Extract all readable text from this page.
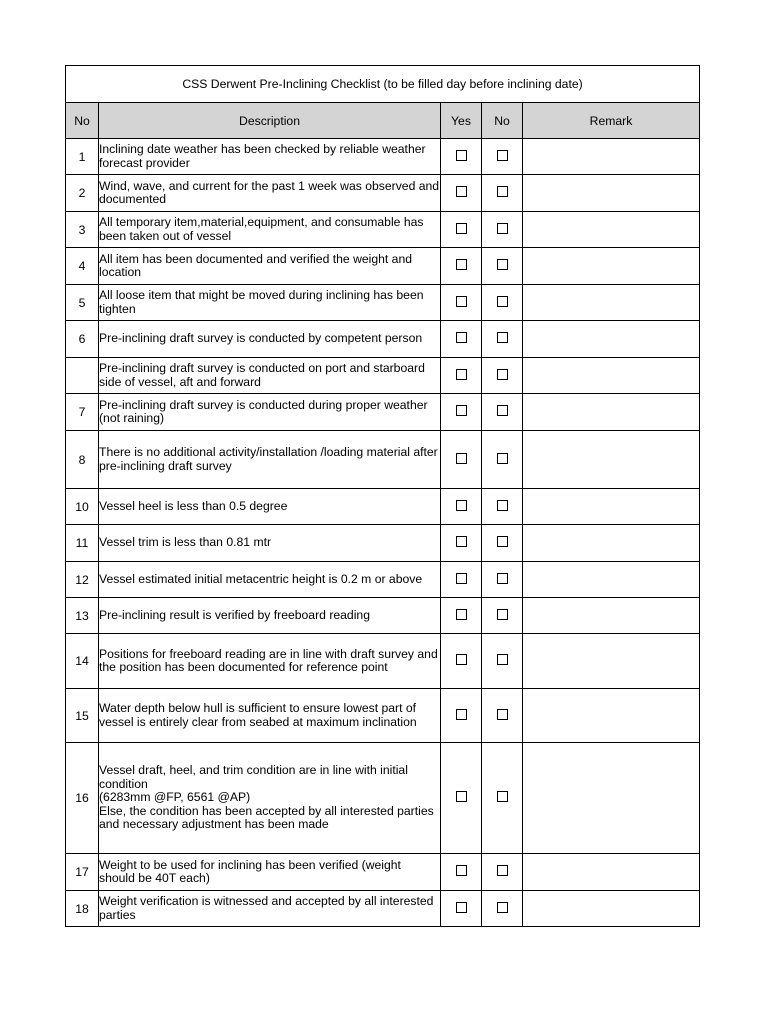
CSS Derwent Pre-Inclining Checklist (to be filled day before inclining date)				
No	Description	Yes	No	Remark
1	Inclining date weather has been checked by reliable weather forecast provider			
2	Wind, wave, and current for the past 1 week was observed and documented			
3	All temporary item,material,equipment, and consumable has been taken out of vessel			
4	All item has been documented and verified the weight and location			
5	All loose item that might be moved during inclining has been tighten			
6	Pre-inclining draft survey is conducted by competent person			
	Pre-inclining draft survey is conducted on port and starboard side of vessel, aft and forward			
7	Pre-inclining draft survey is conducted during proper weather (not raining)			
8	There is no additional activity/installation /loading material after pre-inclining draft survey			
10	Vessel heel is less than 0.5 degree			
11	Vessel trim is less than 0.81 mtr			
12	Vessel estimated initial metacentric height is 0.2 m or above			
13	Pre-inclining result is verified by freeboard reading			
14	Positions for freeboard reading are in line with draft survey and the position has been documented for reference point			
15	Water depth below hull is sufficient to ensure lowest part of vessel is entirely clear from seabed at maximum inclination			
16	Vessel draft, heel, and trim condition are in line with initial condition
(6283mm @FP, 6561 @AP)
Else, the condition has been accepted by all interested parties and necessary adjustment has been made			
17	Weight to be used for inclining has been verified (weight should be 40T each)			
18	Weight verification is witnessed and accepted by all interested parties			
